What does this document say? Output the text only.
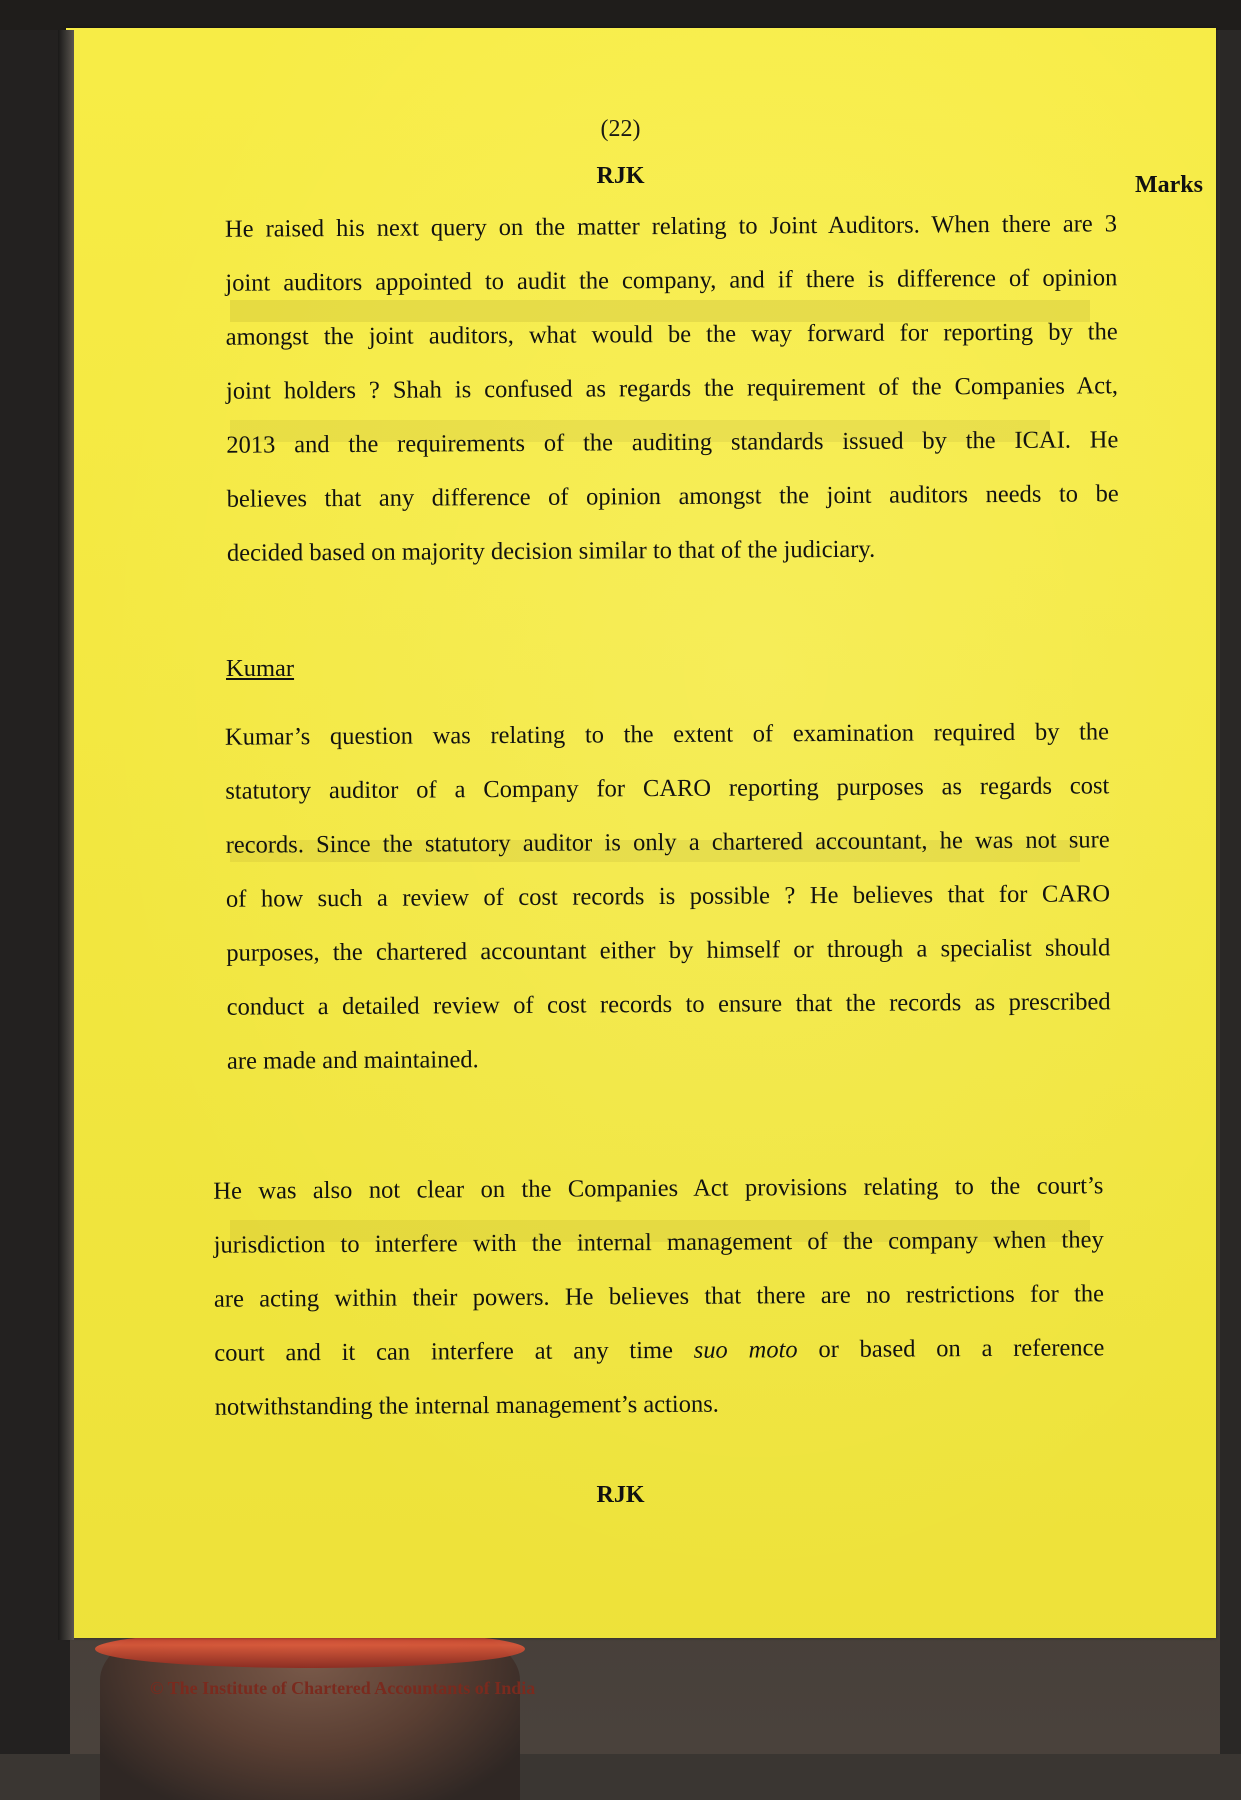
(22)
RJK	Marks
He raised his next query on the matter relating to Joint Auditors. When there are 3
joint auditors appointed to audit the company, and if there is difference of opinion
amongst the joint auditors, what would be the way forward for reporting by the
joint holders ? Shah is confused as regards the requirement of the Companies Act,
2013 and the requirements of the auditing standards issued by the ICAI. He
believes that any difference of opinion amongst the joint auditors needs to be
decided based on majority decision similar to that of the judiciary.
Kumar
Kumar’s question was relating to the extent of examination required by the
statutory auditor of a Company for CARO reporting purposes as regards cost
records. Since the statutory auditor is only a chartered accountant, he was not sure
of how such a review of cost records is possible ? He believes that for CARO
purposes, the chartered accountant either by himself or through a specialist should
conduct a detailed review of cost records to ensure that the records as prescribed
are made and maintained.
He was also not clear on the Companies Act provisions relating to the court’s
jurisdiction to interfere with the internal management of the company when they
are acting within their powers. He believes that there are no restrictions for the
court and it can interfere at any time suo moto or based on a reference
notwithstanding the internal management’s actions.
RJK
© The Institute of Chartered Accountants of India
